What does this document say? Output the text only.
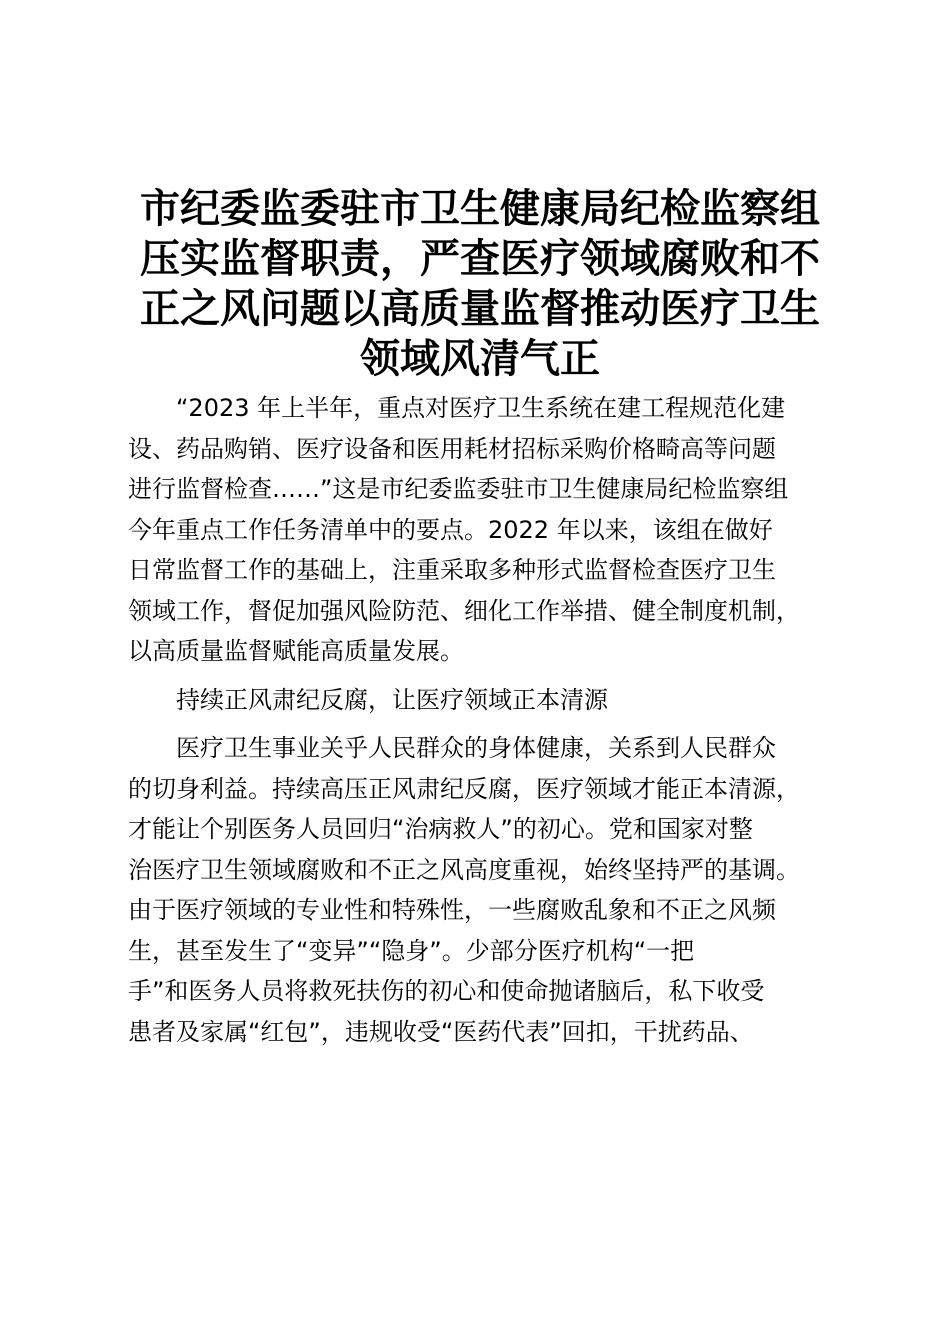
市纪委监委驻市卫生健康局纪检监察组
压实监督职责，严查医疗领域腐败和不
正之风问题以高质量监督推动医疗卫生
领域风清气正

“2023 年上半年，重点对医疗卫生系统在建工程规范化建
设、药品购销、医疗设备和医用耗材招标采购价格畸高等问题
进行监督检查……”这是市纪委监委驻市卫生健康局纪检监察组
今年重点工作任务清单中的要点。2022 年以来，该组在做好
日常监督工作的基础上，注重采取多种形式监督检查医疗卫生
领域工作，督促加强风险防范、细化工作举措、健全制度机制，
以高质量监督赋能高质量发展。

持续正风肃纪反腐，让医疗领域正本清源

医疗卫生事业关乎人民群众的身体健康，关系到人民群众
的切身利益。持续高压正风肃纪反腐，医疗领域才能正本清源，
才能让个别医务人员回归“治病救人”的初心。党和国家对整
治医疗卫生领域腐败和不正之风高度重视，始终坚持严的基调。
由于医疗领域的专业性和特殊性，一些腐败乱象和不正之风频
生，甚至发生了“变异”“隐身”。少部分医疗机构“一把
手”和医务人员将救死扶伤的初心和使命抛诸脑后，私下收受
患者及家属“红包”，违规收受“医药代表”回扣，干扰药品、
